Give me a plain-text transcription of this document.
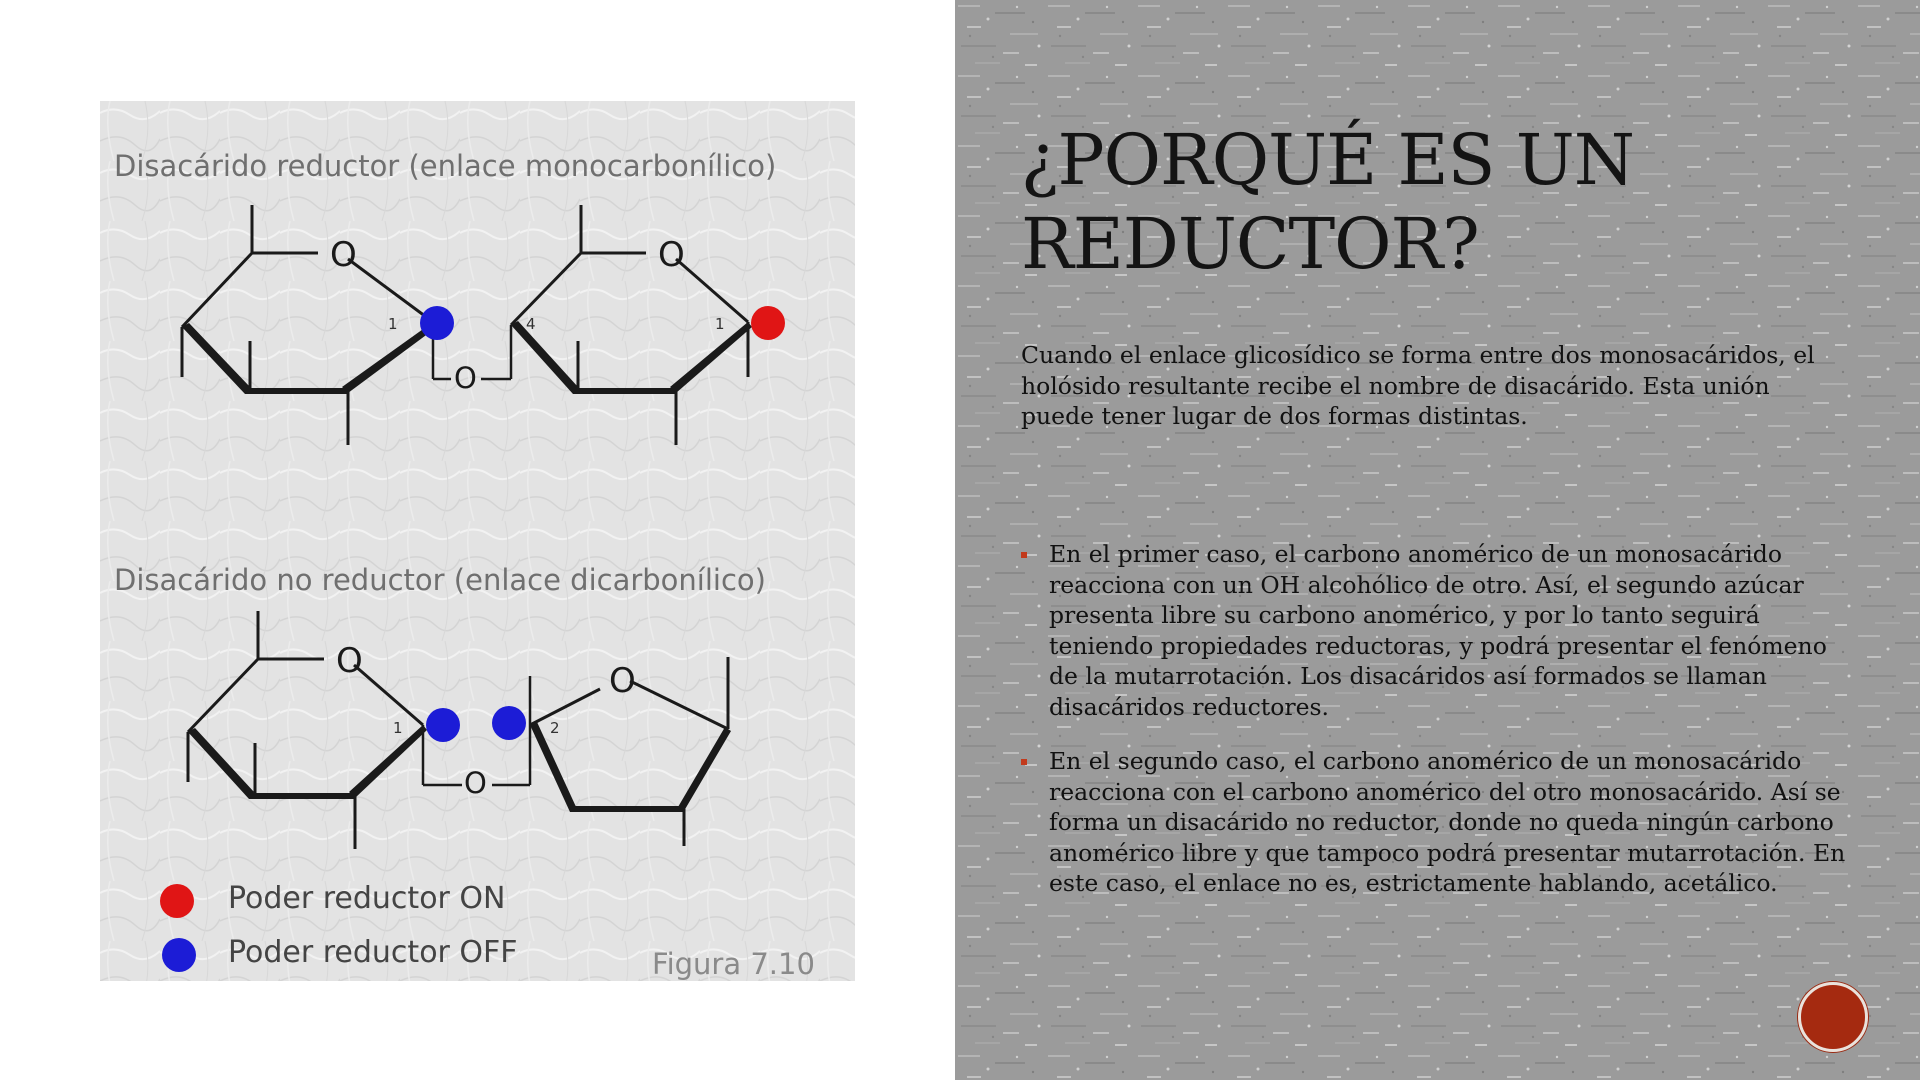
Disacárido reductor (enlace monocarbonílico)
Disacárido no reductor (enlace dicarbonílico)
O	O
O
O	O
O
1	4	1
1	2
Poder reductor ON
Poder reductor OFF	Figura 7.10
¿PORQUÉ ES UN REDUCTOR?

Cuando el enlace glicosídico se forma entre dos monosacáridos, el holósido resultante recibe el nombre de disacárido. Esta unión puede tener lugar de dos formas distintas.

En el primer caso, el carbono anomérico de un monosacárido reacciona con un OH alcohólico de otro. Así, el segundo azúcar presenta libre su carbono anomérico, y por lo tanto seguirá teniendo propiedades reductoras, y podrá presentar el fenómeno de la mutarrotación. Los disacáridos así formados se llaman disacáridos reductores.
En el segundo caso, el carbono anomérico de un monosacárido reacciona con el carbono anomérico del otro monosacárido. Así se forma un disacárido no reductor, donde no queda ningún carbono anomérico libre y que tampoco podrá presentar mutarrotación. En este caso, el enlace no es, estrictamente hablando, acetálico.
